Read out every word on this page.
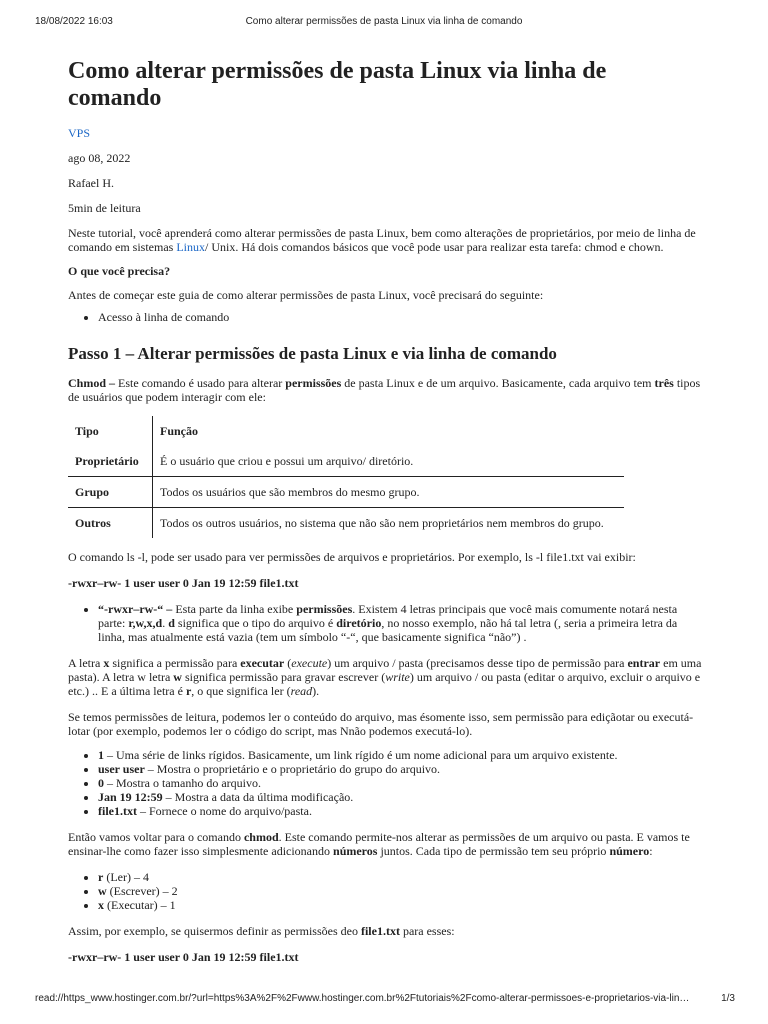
18/08/2022 16:03	Como alterar permissões de pasta Linux via linha de comando
Como alterar permissões de pasta Linux via linha de comando

VPS

ago 08, 2022

Rafael H.

5min de leitura

Neste tutorial, você aprenderá como alterar permissões de pasta Linux, bem como alterações de proprietários, por meio de linha de comando em sistemas Linux/ Unix. Há dois comandos básicos que você pode usar para realizar esta tarefa: chmod e chown.

O que você precisa?

Antes de começar este guia de como alterar permissões de pasta Linux, você precisará do seguinte:

• Acesso à linha de comando
Passo 1 – Alterar permissões de pasta Linux e via linha de comando

Chmod – Este comando é usado para alterar permissões de pasta Linux e de um arquivo. Basicamente, cada arquivo tem três tipos de usuários que podem interagir com ele:

Tipo	Função
Proprietário	É o usuário que criou e possui um arquivo/ diretório.
Grupo	Todos os usuários que são membros do mesmo grupo.
Outros	Todos os outros usuários, no sistema que não são nem proprietários nem membros do grupo.

O comando ls -l, pode ser usado para ver permissões de arquivos e proprietários. Por exemplo, ls -l file1.txt vai exibir:

-rwxr–rw- 1 user user 0 Jan 19 12:59 file1.txt

• “-rwxr–rw-“ – Esta parte da linha exibe permissões. Existem 4 letras principais que você mais comumente notará nesta parte: r,w,x,d. d significa que o tipo do arquivo é diretório, no nosso exemplo, não há tal letra (, seria a primeira letra da linha, mas atualmente está vazia (tem um símbolo “-“, que basicamente significa “não”) .

A letra x significa a permissão para executar (execute) um arquivo / pasta (precisamos desse tipo de permissão para entrar em uma pasta). A letra w letra w significa permissão para gravar escrever (write) um arquivo / ou pasta (editar o arquivo, excluir o arquivo e etc.) .. E a última letra é r, o que significa ler (read).

Se temos permissões de leitura, podemos ler o conteúdo do arquivo, mas ésomente isso, sem permissão para ediçãotar ou executá-lotar (por exemplo, podemos ler o código do script, mas Nnão podemos executá-lo).

• 1 – Uma série de links rígidos. Basicamente, um link rígido é um nome adicional para um arquivo existente.
• user user – Mostra o proprietário e o proprietário do grupo do arquivo.
• 0 – Mostra o tamanho do arquivo.
• Jan 19 12:59 – Mostra a data da última modificação.
• file1.txt – Fornece o nome do arquivo/pasta.

Então vamos voltar para o comando chmod. Este comando permite-nos alterar as permissões de um arquivo ou pasta. E vamos te ensinar-lhe como fazer isso simplesmente adicionando números juntos. Cada tipo de permissão tem seu próprio número:

• r (Ler) – 4
• w (Escrever) – 2
• x (Executar) – 1

Assim, por exemplo, se quisermos definir as permissões deo file1.txt para esses:

-rwxr–rw- 1 user user 0 Jan 19 12:59 file1.txt

read://https_www.hostinger.com.br/?url=https%3A%2F%2Fwww.hostinger.com.br%2Ftutoriais%2Fcomo-alterar-permissoes-e-proprietarios-via-lin…	1/3
